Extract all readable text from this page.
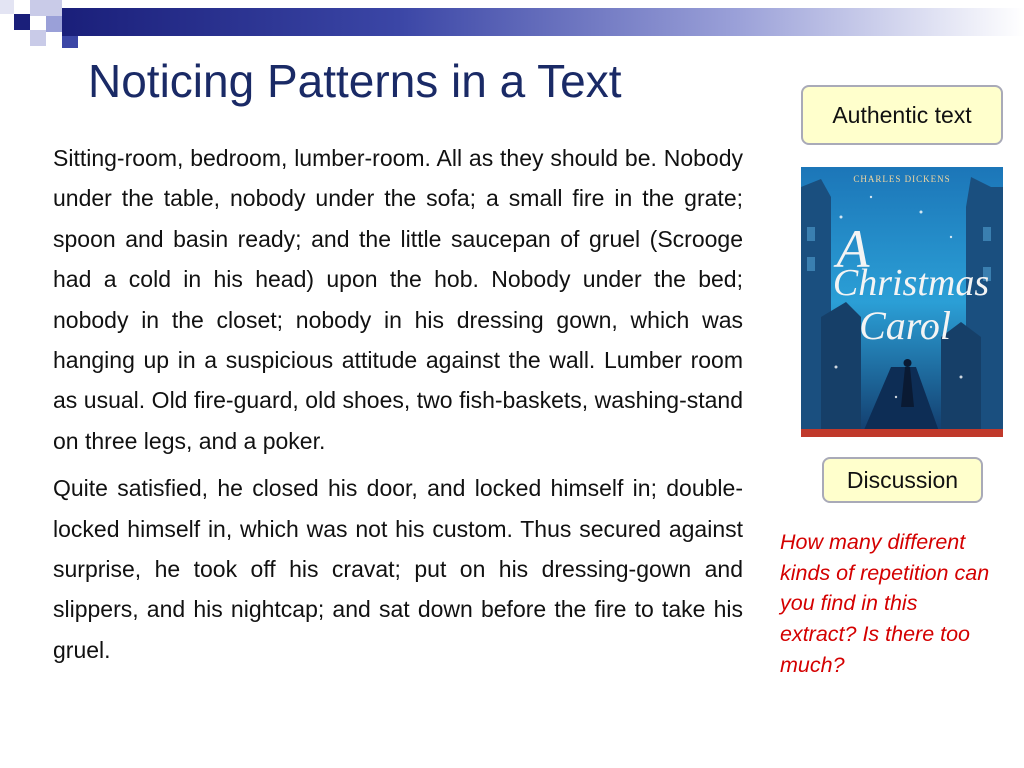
Noticing Patterns in a Text

Sitting-room, bedroom, lumber-room. All as they should be. Nobody under the table, nobody under the sofa; a small fire in the grate; spoon and basin ready; and the little saucepan of gruel (Scrooge had a cold in his head) upon the hob. Nobody under the bed; nobody in the closet; nobody in his dressing gown, which was hanging up in a suspicious attitude against the wall. Lumber room as usual. Old fire-guard, old shoes, two fish-baskets, washing-stand on three legs, and a poker.

Quite satisfied, he closed his door, and locked himself in; double-locked himself in, which was not his custom. Thus secured against surprise, he took off his cravat; put on his dressing-gown and slippers, and his nightcap; and sat down before the fire to take his gruel.

Authentic text
CHARLES DICKENS
A
Christmas
Carol
Discussion

How many different kinds of repetition can you find in this extract? Is there too much?
